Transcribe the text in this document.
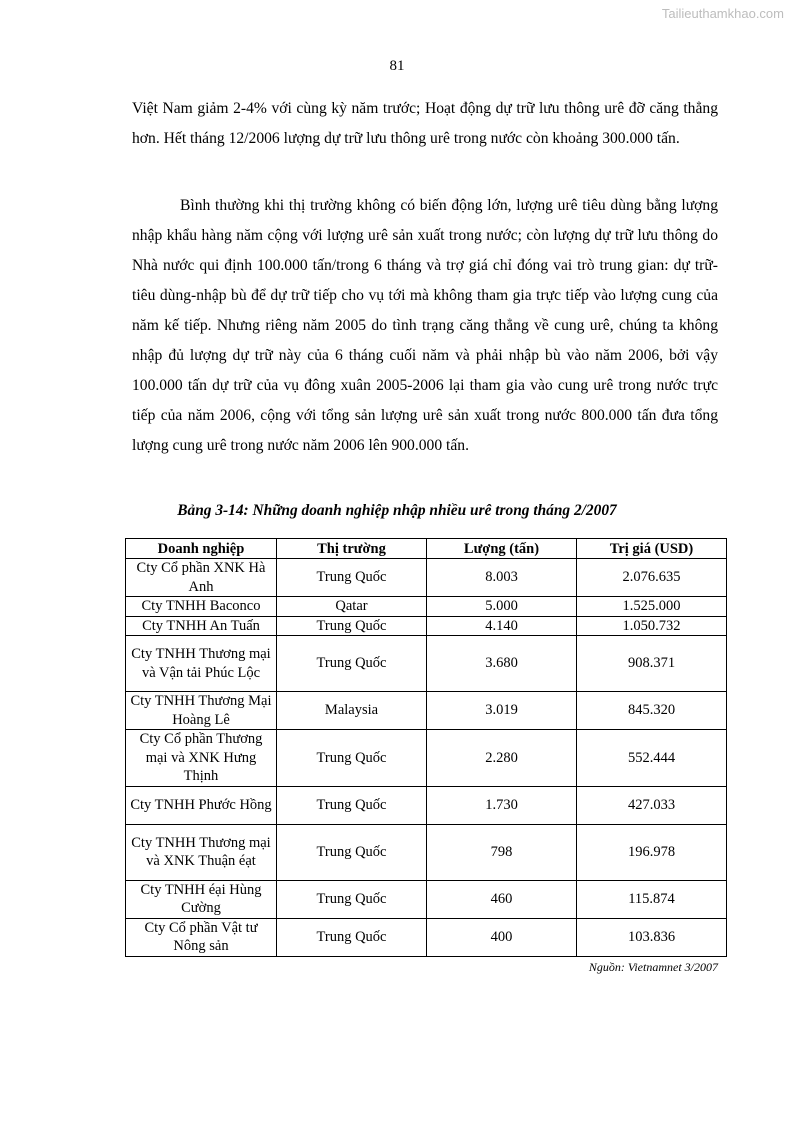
Tailieuthamkhao.com
81

Việt Nam giảm 2-4% với cùng kỳ năm trước; Hoạt động dự trữ lưu thông urê đỡ căng thẳng hơn. Hết tháng 12/2006 lượng dự trữ lưu thông urê trong nước còn khoảng 300.000 tấn.

Bình thường khi thị trường không có biến động lớn, lượng urê tiêu dùng bằng lượng nhập khẩu hàng năm cộng với lượng urê sản xuất trong nước; còn lượng dự trữ lưu thông do Nhà nước qui định 100.000 tấn/trong 6 tháng và trợ giá chỉ đóng vai trò trung gian: dự trữ-tiêu dùng-nhập bù để dự trữ tiếp cho vụ tới mà không tham gia trực tiếp vào lượng cung của năm kế tiếp. Nhưng riêng năm 2005 do tình trạng căng thẳng về cung urê, chúng ta không nhập đủ lượng dự trữ này của 6 tháng cuối năm và phải nhập bù vào năm 2006, bởi vậy 100.000 tấn dự trữ của vụ đông xuân 2005-2006 lại tham gia vào cung urê trong nước trực tiếp của năm 2006, cộng với tổng sản lượng urê sản xuất trong nước 800.000 tấn đưa tổng lượng cung urê trong nước năm 2006 lên 900.000 tấn.

Bảng 3-14: Những doanh nghiệp nhập nhiều urê trong tháng 2/2007
Doanh nghiệp	Thị trường	Lượng (tấn)	Trị giá (USD)
Cty Cổ phần XNK Hà Anh	Trung Quốc	8.003	2.076.635
Cty TNHH Baconco	Qatar	5.000	1.525.000
Cty TNHH An Tuấn	Trung Quốc	4.140	1.050.732
Cty TNHH Thương mại và Vận tải Phúc Lộc	Trung Quốc	3.680	908.371
Cty TNHH Thương Mại Hoàng Lê	Malaysia	3.019	845.320
Cty Cổ phần Thương mại và XNK Hưng Thịnh	Trung Quốc	2.280	552.444
Cty TNHH Phước Hồng	Trung Quốc	1.730	427.033
Cty TNHH Thương mại và XNK Thuận éạt	Trung Quốc	798	196.978
Cty TNHH éại Hùng Cường	Trung Quốc	460	115.874
Cty Cổ phần Vật tư Nông sản	Trung Quốc	400	103.836
Nguồn: Vietnamnet 3/2007
